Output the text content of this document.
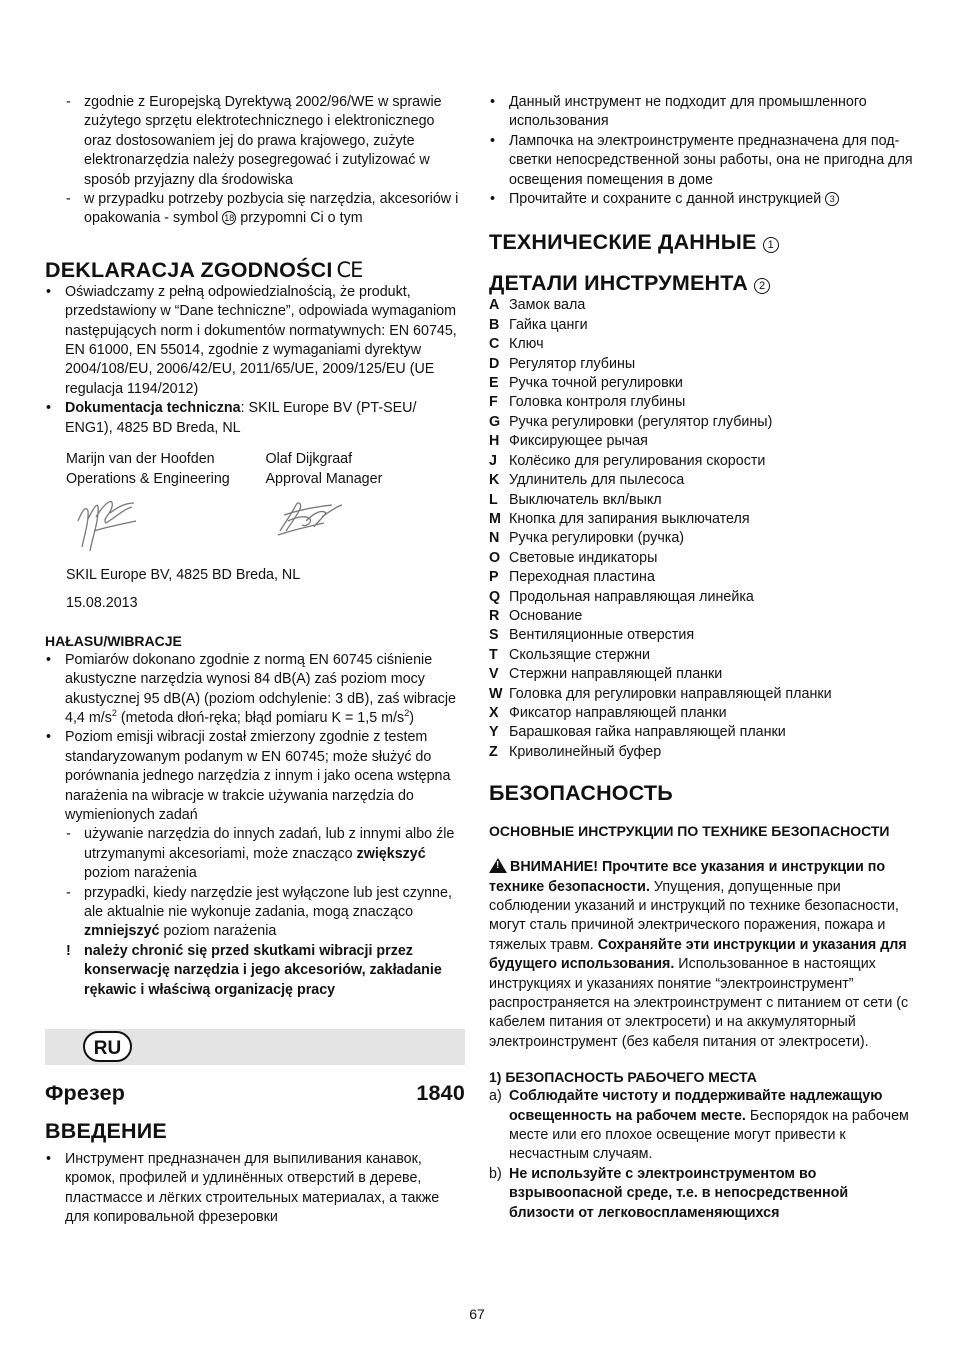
- zgodnie z Europejską Dyrektywą 2002/96/WE w sprawie zużytego sprzętu elektrotechnicznego i elektronicznego oraz dostosowaniem jej do prawa krajowego, zużyte elektronarzędzia należy posegregować i zutylizować w sposób przyjazny dla środowiska
- w przypadku potrzeby pozbycia się narzędzia, akcesoriów i opakowania - symbol 18 przypomni Ci o tym
DEKLARACJA ZGODNOŚCI CE
• Oświadczamy z pełną odpowiedzialnością, że produkt, przedstawiony w “Dane techniczne”, odpowiada wymaganiom następujących norm i dokumentów normatywnych: EN 60745, EN 61000, EN 55014, zgodnie z wymaganiami dyrektyw 2004/108/EU, 2006/42/EU, 2011/65/UE, 2009/125/EU (UE regulacja 1194/2012)
• Dokumentacja techniczna: SKIL Europe BV (PT-SEU/ ENG1), 4825 BD Breda, NL
Marijn van der Hoofden
Operations & Engineering
Olaf Dijkgraaf
Approval Manager
SKIL Europe BV, 4825 BD Breda, NL
15.08.2013
HAŁASU/WIBRACJE
• Pomiarów dokonano zgodnie z normą EN 60745 ciśnienie akustyczne narzędzia wynosi 84 dB(A) zaś poziom mocy akustycznej 95 dB(A) (poziom odchylenie: 3 dB), zaś wibracje 4,4 $m/s^2$ (metoda dłoń-ręka; błąd pomiaru K = 1,5 $m/s^2$)
• Poziom emisji wibracji został zmierzony zgodnie z testem standaryzowanym podanym w EN 60745; może służyć do porównania jednego narzędzia z innym i jako ocena wstępna narażenia na wibracje w trakcie używania narzędzia do wymienionych zadań
- używanie narzędzia do innych zadań, lub z innymi albo źle utrzymanymi akcesoriami, może znacząco zwiększyć poziom narażenia
- przypadki, kiedy narzędzie jest wyłączone lub jest czynne, ale aktualnie nie wykonuje zadania, mogą znacząco zmniejszyć poziom narażenia
! należy chronić się przed skutkami wibracji przez konserwację narzędzia i jego akcesoriów, zakładanie rękawic i właściwą organizację pracy
RU
Фрезер	1840
ВВЕДЕНИЕ
• Инструмент предназначен для выпиливания канавок, кромок, профилей и удлинённых отверстий в дереве, пластмассе и лёгких строительных материалах, а также для копировальной фрезеровки
• Данный инструмент не подходит для промышленного использования
• Лампочка на электроинструменте предназначена для под-светки непосредственной зоны работы, она не пригодна для освещения помещения в доме
• Прочитайте и сохраните с данной инструкцией 3
ТЕХНИЧЕСКИЕ ДАННЫЕ 1
ДЕТАЛИ ИНСТРУМЕНТА 2
A Замок вала
B Гайка цанги
C Ключ
D Регулятор глубины
E Ручка точной регулировки
F Головка контроля глубины
G Ручка регулировки (регулятор глубины)
H Фиксирующее рычая
J Колёсико для регулирования скорости
K Удлинитель для пылесоса
L Выключатель вкл/выкл
M Кнопка для запирания выключателя
N Ручка регулировки (ручка)
O Световые индикаторы
P Переходная пластина
Q Продольная направляющая линейка
R Основание
S Вентиляционные отверстия
T Скользящие стержни
V Стержни направляющей планки
W Головка для регулировки направляющей планки
X Фиксатор направляющей планки
Y Барашковая гайка направляющей планки
Z Криволинейный буфер
БЕЗОПАСНОСТЬ
ОСНОВНЫЕ ИНСТРУКЦИИ ПО ТЕХНИКЕ БЕЗОПАСНОСТИ
!ВНИМАНИЕ! Прочтите все указания и инструкции по технике безопасности. Упущения, допущенные при соблюдении указаний и инструкций по технике безопасности, могут сталь причиной электрического поражения, пожара и тяжелых травм. Сохраняйте эти инструкции и указания для будущего использования. Использованное в настоящих инструкциях и указаниях понятие “электроинструмент” распространяется на электроинструмент с питанием от сети (с кабелем питания от электросети) и на аккумуляторный электроинструмент (без кабеля питания от электросети).
1) БЕЗОПАСНОСТЬ РАБОЧЕГО МЕСТА
a) Соблюдайте чистоту и поддерживайте надлежащую освещенность на рабочем месте. Беспорядок на рабочем месте или его плохое освещение могут привести к несчастным случаям.
b) Не используйте с электроинструментом во взрывоопасной среде, т.е. в непосредственной близости от легковоспламеняющихся
67
